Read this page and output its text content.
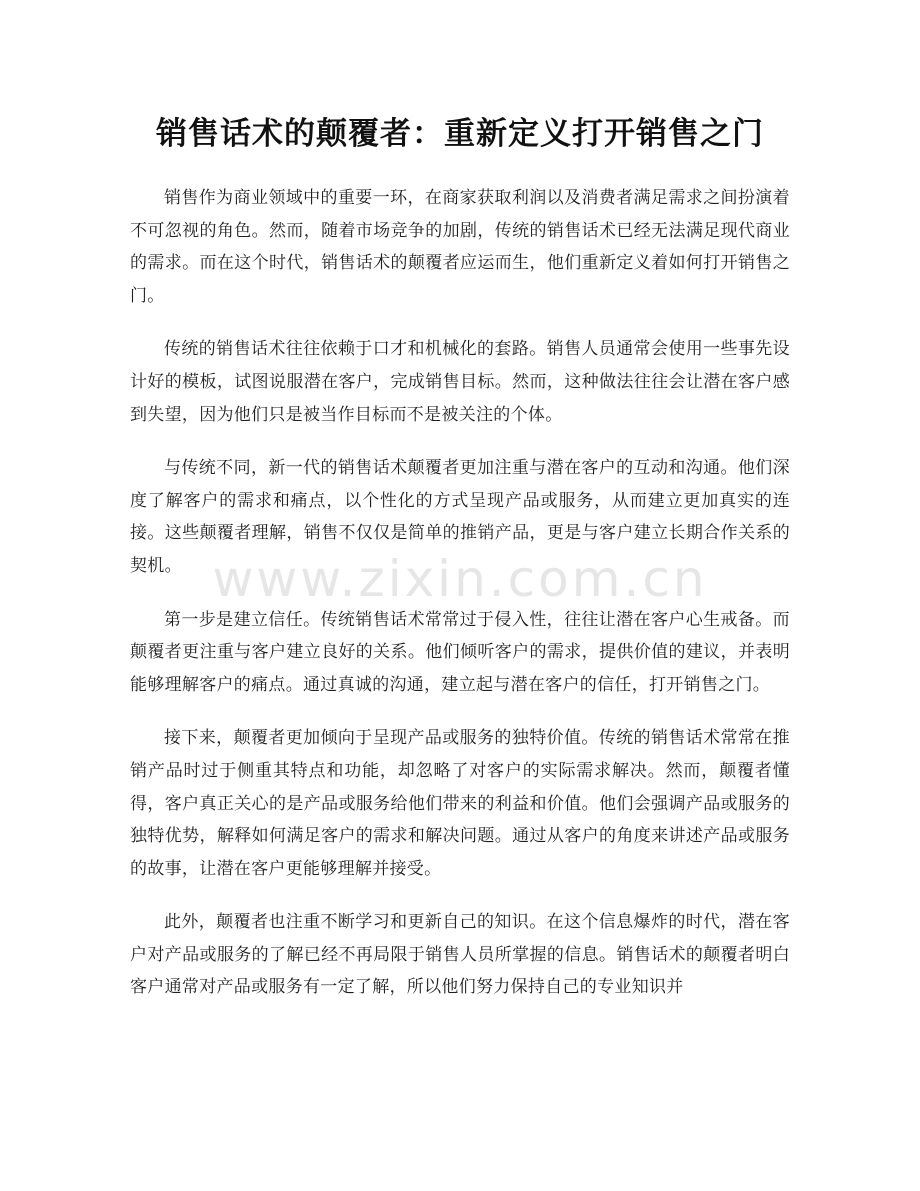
销售话术的颠覆者：重新定义打开销售之门

销售作为商业领域中的重要一环，在商家获取利润以及消费者满足需求之间扮演着不可忽视的角色。然而，随着市场竞争的加剧，传统的销售话术已经无法满足现代商业的需求。而在这个时代，销售话术的颠覆者应运而生，他们重新定义着如何打开销售之门。

传统的销售话术往往依赖于口才和机械化的套路。销售人员通常会使用一些事先设计好的模板，试图说服潜在客户，完成销售目标。然而，这种做法往往会让潜在客户感到失望，因为他们只是被当作目标而不是被关注的个体。

与传统不同，新一代的销售话术颠覆者更加注重与潜在客户的互动和沟通。他们深度了解客户的需求和痛点，以个性化的方式呈现产品或服务，从而建立更加真实的连接。这些颠覆者理解，销售不仅仅是简单的推销产品，更是与客户建立长期合作关系的契机。

第一步是建立信任。传统销售话术常常过于侵入性，往往让潜在客户心生戒备。而颠覆者更注重与客户建立良好的关系。他们倾听客户的需求，提供价值的建议，并表明能够理解客户的痛点。通过真诚的沟通，建立起与潜在客户的信任，打开销售之门。

接下来，颠覆者更加倾向于呈现产品或服务的独特价值。传统的销售话术常常在推销产品时过于侧重其特点和功能，却忽略了对客户的实际需求解决。然而，颠覆者懂得，客户真正关心的是产品或服务给他们带来的利益和价值。他们会强调产品或服务的独特优势，解释如何满足客户的需求和解决问题。通过从客户的角度来讲述产品或服务的故事，让潜在客户更能够理解并接受。

此外，颠覆者也注重不断学习和更新自己的知识。在这个信息爆炸的时代，潜在客户对产品或服务的了解已经不再局限于销售人员所掌握的信息。销售话术的颠覆者明白客户通常对产品或服务有一定了解，所以他们努力保持自己的专业知识并

www.zixin.com.cn
